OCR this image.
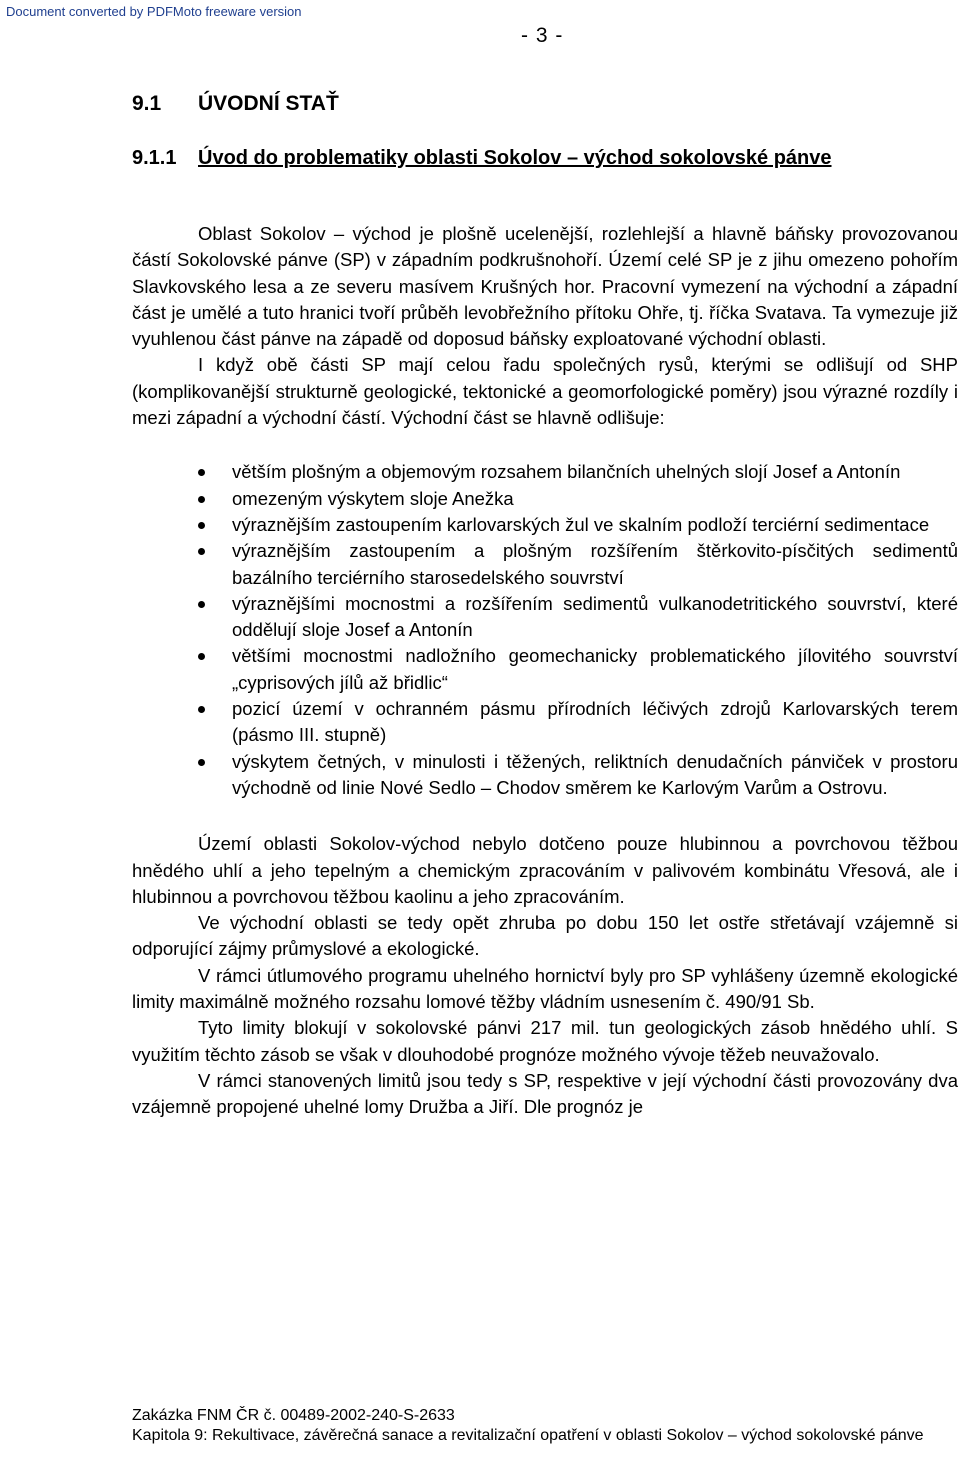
Document converted by PDFMoto freeware version
- 3 -
9.1 ÚVODNÍ STAŤ
9.1.1 Úvod do problematiky oblasti Sokolov – východ sokolovské pánve

Oblast Sokolov – východ je plošně ucelenější, rozlehlejší a hlavně báňsky provozovanou částí Sokolovské pánve (SP) v západním podkrušnohoří. Území celé SP je z jihu omezeno pohořím Slavkovského lesa a ze severu masívem Krušných hor. Pracovní vymezení na východní a západní část je umělé a tuto hranici tvoří průběh levobřežního přítoku Ohře, tj. říčka Svatava. Ta vymezuje již vyuhlenou část pánve na západě od doposud báňsky exploatované východní oblasti.

I když obě části SP mají celou řadu společných rysů, kterými se odlišují od SHP (komplikovanější strukturně geologické, tektonické a geomorfologické poměry) jsou výrazné rozdíly i mezi západní a východní částí. Východní část se hlavně odlišuje:

větším plošným a objemovým rozsahem bilančních uhelných slojí Josef a Antonín
omezeným výskytem sloje Anežka
výraznějším zastoupením karlovarských žul ve skalním podloží terciérní sedimentace
výraznějším zastoupením a plošným rozšířením štěrkovito-písčitých sedimentů bazálního terciérního starosedelského souvrství
výraznějšími mocnostmi a rozšířením sedimentů vulkanodetritického souvrství, které oddělují sloje Josef a Antonín
většími mocnostmi nadložního geomechanicky problematického jílovitého souvrství „cyprisových jílů až břidlic“
pozicí území v ochranném pásmu přírodních léčivých zdrojů Karlovarských terem (pásmo III. stupně)
výskytem četných, v minulosti i těžených, reliktních denudačních pánviček v prostoru východně od linie Nové Sedlo – Chodov směrem ke Karlovým Varům a Ostrovu.

Území oblasti Sokolov-východ nebylo dotčeno pouze hlubinnou a povrchovou těžbou hnědého uhlí a jeho tepelným a chemickým zpracováním v palivovém kombinátu Vřesová, ale i hlubinnou a povrchovou těžbou kaolinu a jeho zpracováním.

Ve východní oblasti se tedy opět zhruba po dobu 150 let ostře střetávají vzájemně si odporující zájmy průmyslové a ekologické.

V rámci útlumového programu uhelného hornictví byly pro SP vyhlášeny územně ekologické limity maximálně možného rozsahu lomové těžby vládním usnesením č. 490/91 Sb.

Tyto limity blokují v sokolovské pánvi 217 mil. tun geologických zásob hnědého uhlí. S využitím těchto zásob se však v dlouhodobé prognóze možného vývoje těžeb neuvažovalo.

V rámci stanovených limitů jsou tedy s SP, respektive v její východní části provozovány dva vzájemně propojené uhelné lomy Družba a Jiří. Dle prognóz je

Zakázka FNM ČR č. 00489-2002-240-S-2633
Kapitola 9: Rekultivace, závěrečná sanace a revitalizační opatření v oblasti Sokolov – východ sokolovské pánve
